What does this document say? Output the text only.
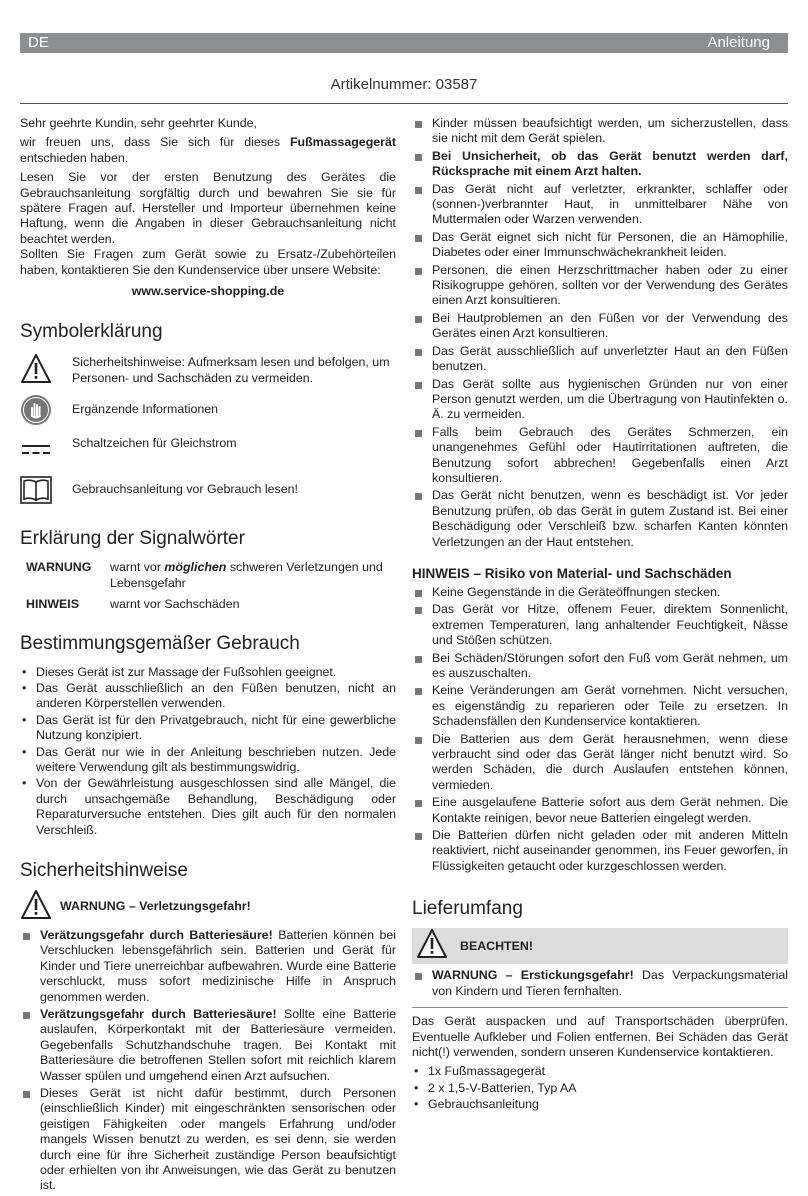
DE	Anleitung
Artikelnummer: 03587

Sehr geehrte Kundin, sehr geehrter Kunde,

wir freuen uns, dass Sie sich für dieses Fußmassagegerät entschieden haben.

Lesen Sie vor der ersten Benutzung des Gerätes die Gebrauchsanleitung sorgfältig durch und bewahren Sie sie für spätere Fragen auf. Hersteller und Importeur übernehmen keine Haftung, wenn die Angaben in dieser Gebrauchsanleitung nicht beachtet werden.

Sollten Sie Fragen zum Gerät sowie zu Ersatz-/Zubehörteilen haben, kontaktieren Sie den Kundenservice über unsere Website:

www.service-shopping.de

Symbolerklärung
Sicherheitshinweise: Aufmerksam lesen und befolgen, um Personen- und Sachschäden zu vermeiden.
Ergänzende Informationen
Schaltzeichen für Gleichstrom
Gebrauchsanleitung vor Gebrauch lesen!
Erklärung der Signalwörter
WARNUNG	warnt vor möglichen schweren Verletzungen und Lebensgefahr
HINWEIS	warnt vor Sachschäden
Bestimmungsgemäßer Gebrauch
• Dieses Gerät ist zur Massage der Fußsohlen geeignet.
• Das Gerät ausschließlich an den Füßen benutzen, nicht an anderen Körperstellen verwenden.
• Das Gerät ist für den Privatgebrauch, nicht für eine gewerbliche Nutzung konzipiert.
• Das Gerät nur wie in der Anleitung beschrieben nutzen. Jede weitere Verwendung gilt als bestimmungswidrig.
• Von der Gewährleistung ausgeschlossen sind alle Mängel, die durch unsachgemäße Behandlung, Beschädigung oder Reparaturversuche entstehen. Dies gilt auch für den normalen Verschleiß.
Sicherheitshinweise
WARNUNG – Verletzungsgefahr!
Verätzungsgefahr durch Batteriesäure! Batterien können bei Verschlucken lebensgefährlich sein. Batterien und Gerät für Kinder und Tiere unerreichbar aufbewahren. Wurde eine Batterie verschluckt, muss sofort medizinische Hilfe in Anspruch genommen werden.
Verätzungsgefahr durch Batteriesäure! Sollte eine Batterie auslaufen, Körperkontakt mit der Batteriesäure vermeiden. Gegebenfalls Schutzhandschuhe tragen. Bei Kontakt mit Batteriesäure die betroffenen Stellen sofort mit reichlich klarem Wasser spülen und umgehend einen Arzt aufsuchen.
Dieses Gerät ist nicht dafür bestimmt, durch Personen (einschließlich Kinder) mit eingeschränkten sensorischen oder geistigen Fähigkeiten oder mangels Erfahrung und/oder mangels Wissen benutzt zu werden, es sei denn, sie werden durch eine für ihre Sicherheit zuständige Person beaufsichtigt oder erhielten von ihr Anweisungen, wie das Gerät zu benutzen ist.
Kinder müssen beaufsichtigt werden, um sicherzustellen, dass sie nicht mit dem Gerät spielen.
Bei Unsicherheit, ob das Gerät benutzt werden darf, Rücksprache mit einem Arzt halten.
Das Gerät nicht auf verletzter, erkrankter, schlaffer oder (sonnen-)verbrannter Haut, in unmittelbarer Nähe von Muttermalen oder Warzen verwenden.
Das Gerät eignet sich nicht für Personen, die an Hämophilie, Diabetes oder einer Immunschwächekrankheit leiden.
Personen, die einen Herzschrittmacher haben oder zu einer Risikogruppe gehören, sollten vor der Verwendung des Gerätes einen Arzt konsultieren.
Bei Hautproblemen an den Füßen vor der Verwendung des Gerätes einen Arzt konsultieren.
Das Gerät ausschließlich auf unverletzter Haut an den Füßen benutzen.
Das Gerät sollte aus hygienischen Gründen nur von einer Person genutzt werden, um die Übertragung von Hautinfekten o. Ä. zu vermeiden.
Falls beim Gebrauch des Gerätes Schmerzen, ein unangenehmes Gefühl oder Hautirritationen auftreten, die Benutzung sofort abbrechen! Gegebenfalls einen Arzt konsultieren.
Das Gerät nicht benutzen, wenn es beschädigt ist. Vor jeder Benutzung prüfen, ob das Gerät in gutem Zustand ist. Bei einer Beschädigung oder Verschleiß bzw. scharfen Kanten könnten Verletzungen an der Haut entstehen.
HINWEIS – Risiko von Material- und Sachschäden
Keine Gegenstände in die Geräteöffnungen stecken.
Das Gerät vor Hitze, offenem Feuer, direktem Sonnenlicht, extremen Temperaturen, lang anhaltender Feuchtigkeit, Nässe und Stößen schützen.
Bei Schäden/Störungen sofort den Fuß vom Gerät nehmen, um es auszuschalten.
Keine Veränderungen am Gerät vornehmen. Nicht versuchen, es eigenständig zu reparieren oder Teile zu ersetzen. In Schadensfällen den Kundenservice kontaktieren.
Die Batterien aus dem Gerät herausnehmen, wenn diese verbraucht sind oder das Gerät länger nicht benutzt wird. So werden Schäden, die durch Auslaufen entstehen können, vermieden.
Eine ausgelaufene Batterie sofort aus dem Gerät nehmen. Die Kontakte reinigen, bevor neue Batterien eingelegt werden.
Die Batterien dürfen nicht geladen oder mit anderen Mitteln reaktiviert, nicht auseinander genommen, ins Feuer geworfen, in Flüssigkeiten getaucht oder kurzgeschlossen werden.
Lieferumfang
BEACHTEN!
WARNUNG – Erstickungsgefahr! Das Verpackungsmaterial von Kindern und Tieren fernhalten.

Das Gerät auspacken und auf Transportschäden überprüfen. Eventuelle Aufkleber und Folien entfernen. Bei Schäden das Gerät nicht(!) verwenden, sondern unseren Kundenservice kontaktieren.

• 1x Fußmassagegerät
• 2 x 1,5-V-Batterien, Typ AA
• Gebrauchsanleitung
